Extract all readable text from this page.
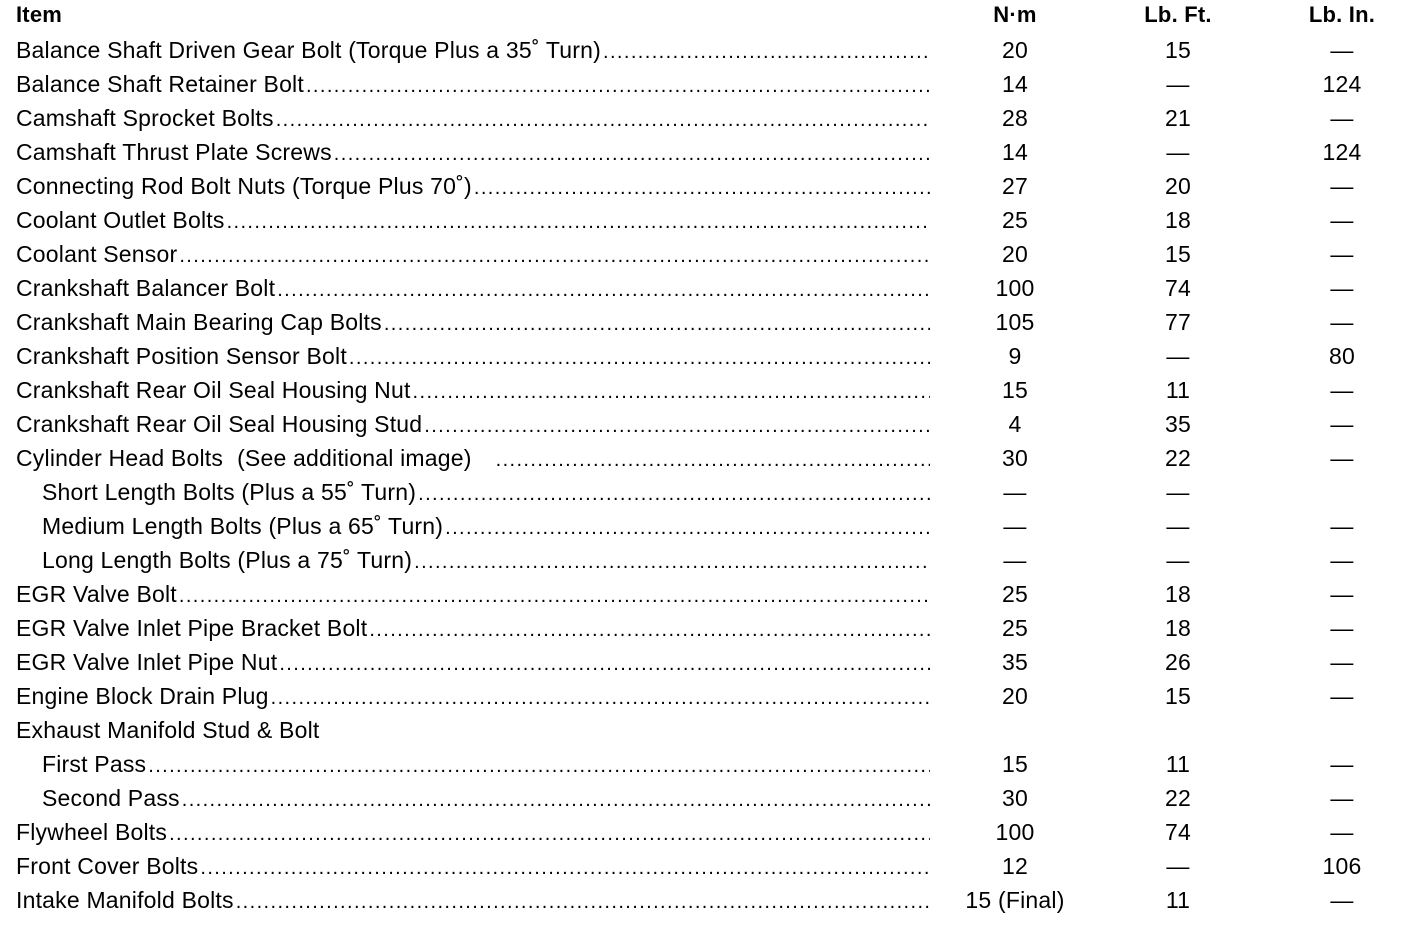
Item	N·m	Lb. Ft.	Lb. In.
Balance Shaft Driven Gear Bolt (Torque Plus a 35˚ Turn) .....	20	15	—
Balance Shaft Retainer Bolt .....	14	—	124
Camshaft Sprocket Bolts .....	28	21	—
Camshaft Thrust Plate Screws .....	14	—	124
Connecting Rod Bolt Nuts (Torque Plus 70˚) .....	27	20	—
Coolant Outlet Bolts .....	25	18	—
Coolant Sensor .....	20	15	—
Crankshaft Balancer Bolt .....	100	74	—
Crankshaft Main Bearing Cap Bolts .....	105	77	—
Crankshaft Position Sensor Bolt .....	9	—	80
Crankshaft Rear Oil Seal Housing Nut .....	15	11	—
Crankshaft Rear Oil Seal Housing Stud .....	4	35	—
Cylinder Head Bolts (See additional image) .....	30	22	—
Short Length Bolts (Plus a 55˚ Turn) .....	—	—
Medium Length Bolts (Plus a 65˚ Turn) .....	—	—	—
Long Length Bolts (Plus a 75˚ Turn) .....	—	—	—
EGR Valve Bolt .....	25	18	—
EGR Valve Inlet Pipe Bracket Bolt .....	25	18	—
EGR Valve Inlet Pipe Nut .....	35	26	—
Engine Block Drain Plug .....	20	15	—
Exhaust Manifold Stud & Bolt
First Pass .....	15	11	—
Second Pass .....	30	22	—
Flywheel Bolts .....	100	74	—
Front Cover Bolts .....	12	—	106
Intake Manifold Bolts .....	15 (Final)	11	—
